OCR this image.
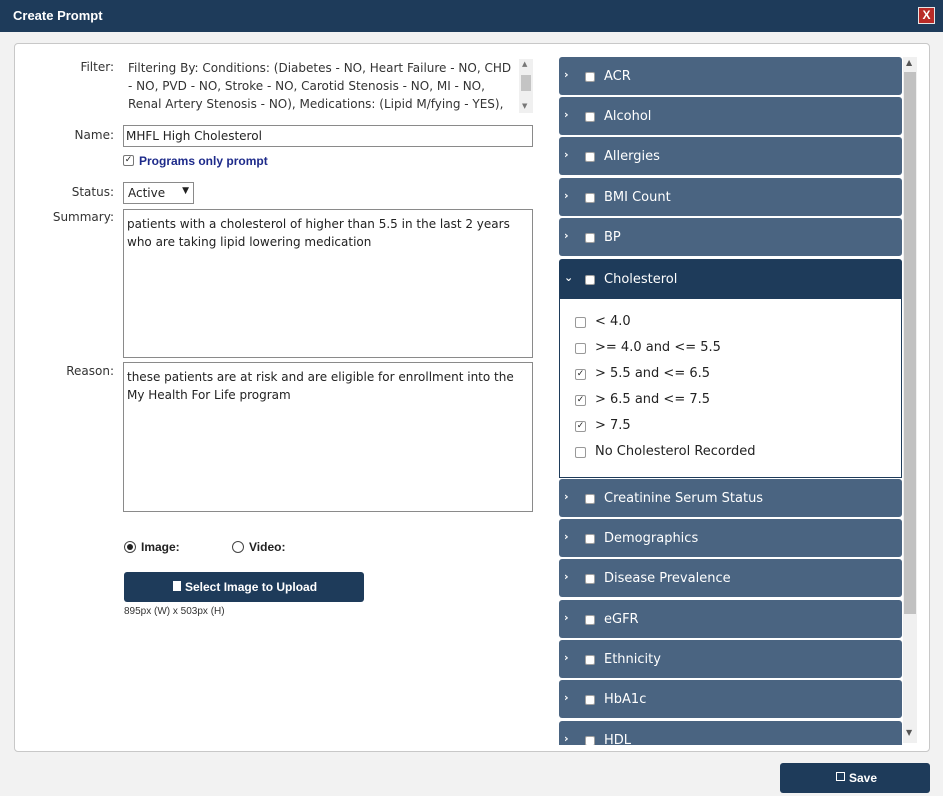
Create Prompt	X
Filter: Filtering By: Conditions: (Diabetes - NO, Heart Failure - NO, CHD - NO, PVD - NO, Stroke - NO, Carotid Stenosis - NO, MI - NO, Renal Artery Stenosis - NO), Medications: (Lipid M/fying - YES),
▲
▼
Name: MHFL High Cholesterol
✓ Programs only prompt
Status:	Active ▼
Summary:	patients with a cholesterol of higher than 5.5 in the last 2 years who are taking lipid lowering medication
Reason:	these patients are at risk and are eligible for enrollment into the My Health For Life program
Image:	Video:
Select Image to Upload
895px (W) x 503px (H)
›	ACR
›	Alcohol
›	Allergies
›	BMI Count
›	BP
⌄ Cholesterol
< 4.0
>= 4.0 and <= 5.5
✓ > 5.5 and <= 6.5
✓ > 6.5 and <= 7.5
✓ > 7.5
No Cholesterol Recorded
›	Creatinine Serum Status
›	Demographics
›	Disease Prevalence
›	eGFR
›	Ethnicity
›	HbA1c
›	HDL
▲
▼
Save
